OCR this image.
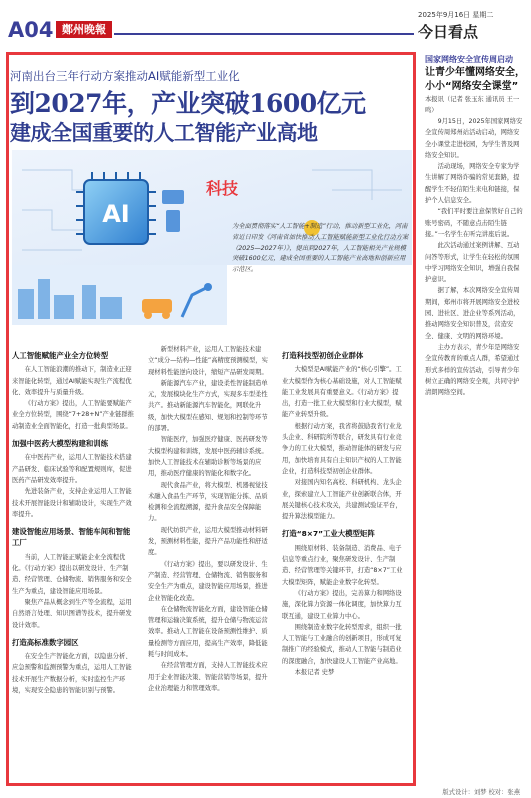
A04 鄭州晚報
2025年9月16日 星期二
今日看点
河南出台三年行动方案推动AI赋能新型工业化
到2027年，产业突破1600亿元
建成全国重要的人工智能产业高地
AI
科技
为全面贯彻落实“人工智能+制造”行动，推动新型工业化，河南省近日印发《河南省加快推动人工智能赋能新型工业化行动方案（2025—2027年）》，提出到2027年，人工智能相关产业规模突破1600亿元，建成全国重要的人工智能产业高地和创新应用示范区。
人工智能赋能产业全方位转型

在人工智能浪潮的推动下，制造业正迎来智能化转型，通过AI赋能实现生产流程优化、效率提升与质量升级。

《行动方案》提出，人工智能要赋能产业全方位转型，围绕“7+28+N”产业链群推动制造业全面智能化，打造一批典型场景。

加强中医药大模型构建和训练

在中医药产业，运用人工智能技术搭建产品研发、临床试验等和配置规则库，促进医药产品研发效率提升。

先进装备产业，支持企业运用人工智能技术开展智能设计和辅助设计，实现生产效率提升。

建设智能应用场景、智能车间和智能工厂

当前，人工智能正赋能企业全流程优化。《行动方案》提出以研发设计、生产制造、经营管理、仓储物流、销售服务和安全生产为重点，建设智能应用场景。

聚焦产品从概念到生产等全流程，运用自然语言处理、知识图谱等技术，提升研发设计效率。

打造高标准数字园区

在安全生产智能化方面，以隐患分析、应急预警和监测预警为重点，运用人工智能技术开展生产数据分析，实时监控生产环境，实现安全隐患的智能识别与预警。

新型材料产业，运用人工智能技术建立“成分—结构—性能”高精度预测模型，实现材料性能逆向设计，缩短产品研发周期。

新能源汽车产业，建设柔性智能制造单元，发展模块化生产方式，实现多车型柔性共产。推动新能源汽车智能化，网联化升级，加快大模型在感知、规划和控制等环节的部署。

智能医疗，加强医疗健康、医药研发等大模型构建和训练，发展中医药辅诊系统。加快人工智能技术在辅助诊断等场景的应用，推动医疗健康的智能化和数字化。

现代食品产业，将大模型、机器视觉技术融入食品生产环节，实现智能分拣、品质检测和全流程溯源，提升食品安全保障能力。

现代纺织产业，运用大模型推动材料研发，预测材料性能，提升产品功能性和舒适度。

《行动方案》提出，要以研发设计、生产制造、经营管理、仓储物流、销售服务和安全生产为重点，建设智能应用场景，推进企业智能化改造。

在仓储物流智能化方面，建设智能仓储管理和运输决策系统，提升仓储与物流运营效率。推动人工智能在设备预测性维护、质量检测等方面应用，提高生产效率，降低能耗与时间成本。

在经营管理方面，支持人工智能技术应用于企业智能决策、智能营销等场景，提升企业治理能力和管理效率。

打造科技型初创企业群体

大模型是AI赋能产业的“核心引擎”。工业大模型作为核心基础设施，对人工智能赋能工业发展具有重要意义。《行动方案》提出，打造一批工业大模型和行业大模型，赋能产业转型升级。

根据行动方案，我省将鼓励我省行业龙头企业、科研院所等联合，研发具有行业竞争力的工业大模型，推动智能体的研发与应用，加快培育具有自主知识产权的人工智能企业，打造科技型初创企业群体。

对接国内知名高校、科研机构、龙头企业，探索建立人工智能产业创新联合体，开展关键核心技术攻关，共建测试验证平台，提升算法模型能力。

打造“8×7”工业大模型矩阵

围绕原材料、装备制造、消费品、电子信息等重点行业，聚焦研发设计、生产制造、经营管理等关键环节，打造“8×7”工业大模型矩阵，赋能企业数字化转型。

《行动方案》提出，完善算力和网络设施，深化算力资源一体化调度，加快算力互联互通，建设工业算力中心。

围绕制造业数字化转型需求，组织一批人工智能与工业融合的创新项目，形成可复制推广的经验模式，推动人工智能与制造业的深度融合，加快建设人工智能产业高地。

本报记者 史梦

国家网络安全宣传周启动
让青少年懂网络安全，小小“网络安全课堂”
本报讯（记者 张玉东 通讯员 王一鸣）

9月15日，2025年国家网络安全宣传周郑州站活动启动，网络安全小课堂走进校园，为学生普及网络安全知识。

活动现场，网络安全专家为学生讲解了网络诈骗的常见套路，提醒学生不轻信陌生来电和链接，保护个人信息安全。

“我们平时要注意保管好自己的账号密码，不随意点击陌生链接。”一名学生在听完讲座后说。

此次活动通过案例讲解、互动问答等形式，让学生在轻松的氛围中学习网络安全知识，增强自我保护意识。

据了解，本次网络安全宣传周期间，郑州市将开展网络安全进校园、进社区、进企业等系列活动，推动网络安全知识普及，营造安全、健康、文明的网络环境。

主办方表示，青少年是网络安全宣传教育的重点人群，希望通过形式多样的宣传活动，引导青少年树立正确的网络安全观，共同守护清朗网络空间。

版式设计：刘梦 校对：张燕
